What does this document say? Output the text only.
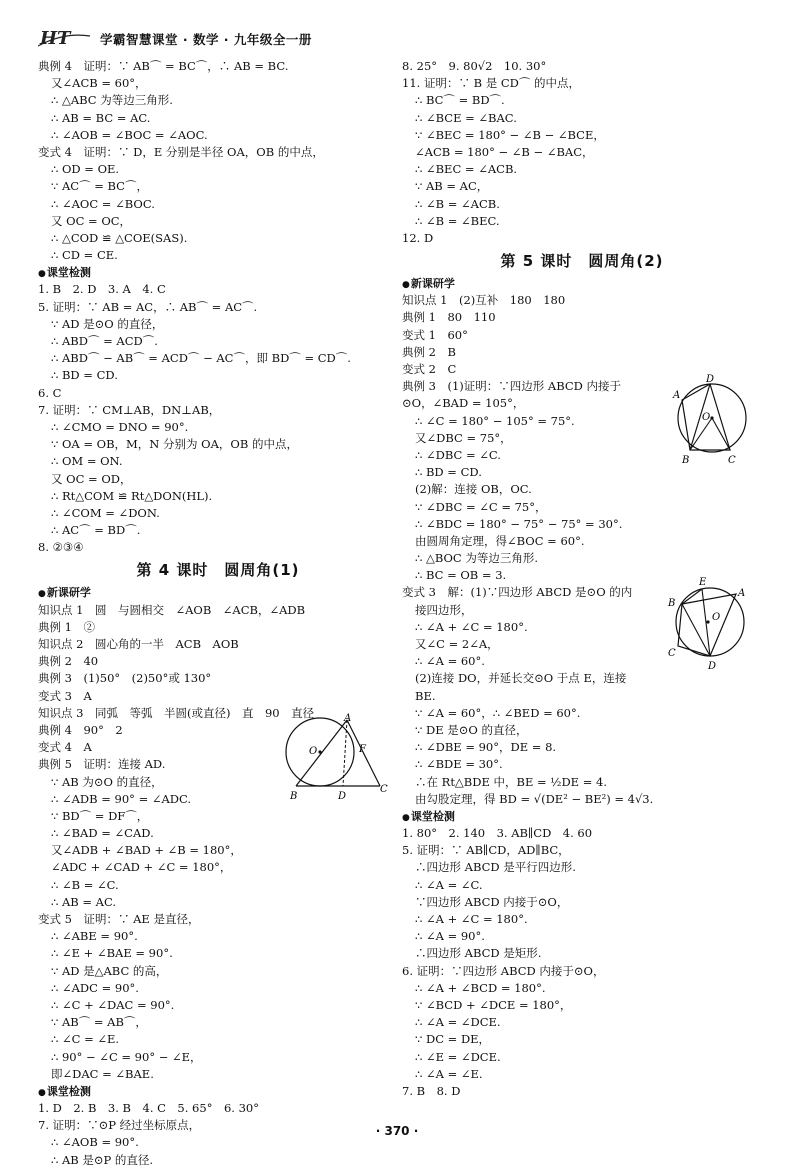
HT 学霸智慧课堂 · 数学 · 九年级全一册
典例 4　证明：∵ AB⌒ = BC⌒，∴ AB = BC.
又∠ACB = 60°，
∴ △ABC 为等边三角形.
∴ AB = BC = AC.
∴ ∠AOB = ∠BOC = ∠AOC.
变式 4　证明：∵ D，E 分别是半径 OA，OB 的中点，
∴ OD = OE.
∵ AC⌒ = BC⌒，
∴ ∠AOC = ∠BOC.
又 OC = OC，
∴ △COD ≌ △COE(SAS).
∴ CD = CE.
● 课堂检测
1. B　2. D　3. A　4. C
5. 证明：∵ AB = AC，∴ AB⌒ = AC⌒.
∵ AD 是⊙O 的直径，
∴ ABD⌒ = ACD⌒.
∴ ABD⌒ − AB⌒ = ACD⌒ − AC⌒，即 BD⌒ = CD⌒.
∴ BD = CD.
6. C
7. 证明：∵ CM⊥AB，DN⊥AB，
∴ ∠CMO = DNO = 90°.
∵ OA = OB，M，N 分别为 OA，OB 的中点，
∴ OM = ON.
又 OC = OD，
∴ Rt△COM ≌ Rt△DON(HL).
∴ ∠COM = ∠DON.
∴ AC⌒ = BD⌒.
8. ②③④
第 4 课时　圆周角(1)
● 新课研学
知识点 1　圆　与圆相交　∠AOB　∠ACB，∠ADB
典例 1　②
知识点 2　圆心角的一半　ACB　AOB
典例 2　40
典例 3　(1)50°　(2)50°或 130°
变式 3　A
知识点 3　同弧　等弧　半圆(或直径)　直　90　直径
典例 4　90°　2
变式 4　A
典例 5　证明：连接 AD.
∵ AB 为⊙O 的直径，
∴ ∠ADB = 90° = ∠ADC.
∵ BD⌒ = DF⌒，
∴ ∠BAD = ∠CAD.
又∠ADB + ∠BAD + ∠B = 180°，
∠ADC + ∠CAD + ∠C = 180°，
∴ ∠B = ∠C.
∴ AB = AC.
变式 5　证明：∵ AE 是直径，
∴ ∠ABE = 90°.
∴ ∠E + ∠BAE = 90°.
∵ AD 是△ABC 的高，
∴ ∠ADC = 90°.
∴ ∠C + ∠DAC = 90°.
∵ AB⌒ = AB⌒，
∴ ∠C = ∠E.
∴ 90° − ∠C = 90° − ∠E，
即∠DAC = ∠BAE.
● 课堂检测
1. D　2. B　3. B　4. C　5. 65°　6. 30°
7. 证明：∵⊙P 经过坐标原点，
∴ ∠AOB = 90°.
∴ AB 是⊙P 的直径.
8. 25°　9. 80√2　10. 30°
11. 证明：∵ B 是 CD⌒ 的中点，
∴ BC⌒ = BD⌒.
∴ ∠BCE = ∠BAC.
∵ ∠BEC = 180° − ∠B − ∠BCE，
∠ACB = 180° − ∠B − ∠BAC，
∴ ∠BEC = ∠ACB.
∵ AB = AC，
∴ ∠B = ∠ACB.
∴ ∠B = ∠BEC.
12. D
第 5 课时　圆周角(2)
● 新课研学
知识点 1　(2)互补　180　180
典例 1　80　110
变式 1　60°
典例 2　B
变式 2　C
典例 3　(1)证明：∵四边形 ABCD 内接于
⊙O，∠BAD = 105°，
∴ ∠C = 180° − 105° = 75°.
又∠DBC = 75°，
∴ ∠DBC = ∠C.
∴ BD = CD.
(2)解：连接 OB，OC.
∵ ∠DBC = ∠C = 75°，
∴ ∠BDC = 180° − 75° − 75° = 30°.
由圆周角定理，得∠BOC = 60°.
∴ △BOC 为等边三角形.
∴ BC = OB = 3.
变式 3　解：(1)∵四边形 ABCD 是⊙O 的内
接四边形，
∴ ∠A + ∠C = 180°.
又∠C = 2∠A，
∴ ∠A = 60°.
(2)连接 DO，并延长交⊙O 于点 E，连接
BE.
∵ ∠A = 60°，∴ ∠BED = 60°.
∵ DE 是⊙O 的直径，
∴ ∠DBE = 90°，DE = 8.
∴ ∠BDE = 30°.
∴在 Rt△BDE 中，BE = ½DE = 4.
由勾股定理，得 BD = √(DE² − BE²) = 4√3.
● 课堂检测
1. 80°　2. 140　3. AB∥CD　4. 60
5. 证明：∵ AB∥CD，AD∥BC，
∴四边形 ABCD 是平行四边形.
∴ ∠A = ∠C.
∵四边形 ABCD 内接于⊙O，
∴ ∠A + ∠C = 180°.
∴ ∠A = 90°.
∴四边形 ABCD 是矩形.
6. 证明：∵四边形 ABCD 内接于⊙O，
∴ ∠A + ∠BCD = 180°.
∵ ∠BCD + ∠DCE = 180°，
∴ ∠A = ∠DCE.
∵ DC = DE，
∴ ∠E = ∠DCE.
∴ ∠A = ∠E.
7. B　8. D
A
O	F
B	D
C
A
D
O
B	C
E
A
B
O
C
D
· 370 ·
